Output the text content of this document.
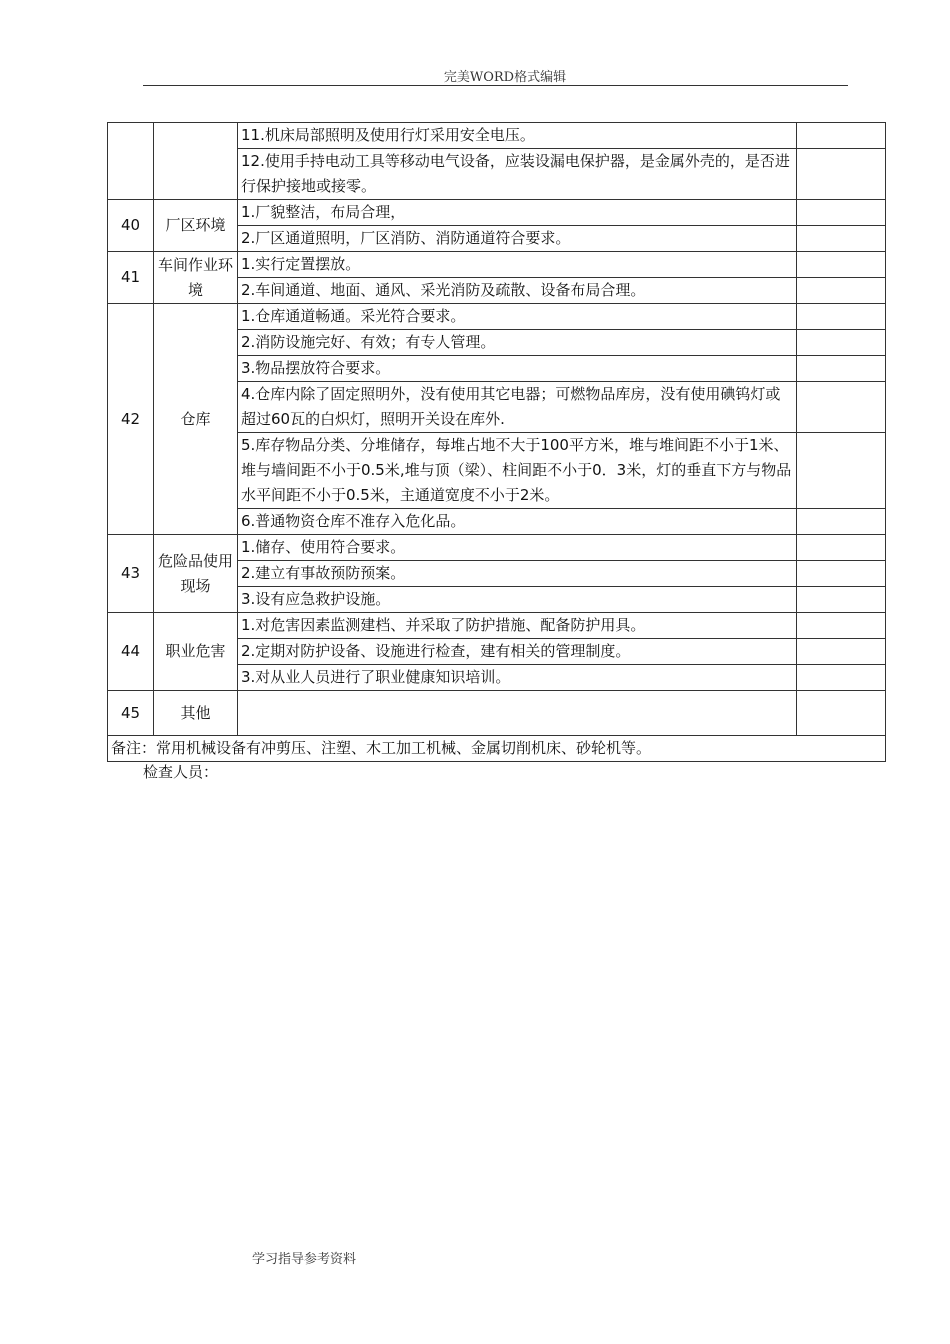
完美WORD格式编辑
		11.机床局部照明及使用行灯采用安全电压。	
		12.使用手持电动工具等移动电气设备，应装设漏电保护器，是金属外壳的，是否进行保护接地或接零。	
40	厂区环境	1.厂貌整洁，布局合理，	
		2.厂区通道照明，厂区消防、消防通道符合要求。	
41	车间作业环境	1.实行定置摆放。	
		2.车间通道、地面、通风、采光消防及疏散、设备布局合理。	
42	仓库	1.仓库通道畅通。采光符合要求。	
		2.消防设施完好、有效；有专人管理。	
		3.物品摆放符合要求。	
		4.仓库内除了固定照明外，没有使用其它电器；可燃物品库房，没有使用碘钨灯或超过60瓦的白炽灯，照明开关设在库外.	
		5.库存物品分类、分堆储存，每堆占地不大于100平方米，堆与堆间距不小于1米、堆与墙间距不小于0.5米,堆与顶（梁）、柱间距不小于0．3米，灯的垂直下方与物品水平间距不小于0.5米，主通道宽度不小于2米。	
		6.普通物资仓库不准存入危化品。	
43	危险品使用现场	1.储存、使用符合要求。	
		2.建立有事故预防预案。	
		3.设有应急救护设施。	
44	职业危害	1.对危害因素监测建档、并采取了防护措施、配备防护用具。	
		2.定期对防护设备、设施进行检查，建有相关的管理制度。	
		3.对从业人员进行了职业健康知识培训。	
45	其他		
备注：常用机械设备有冲剪压、注塑、木工加工机械、金属切削机床、砂轮机等。			
检查人员：
学习指导参考资料
